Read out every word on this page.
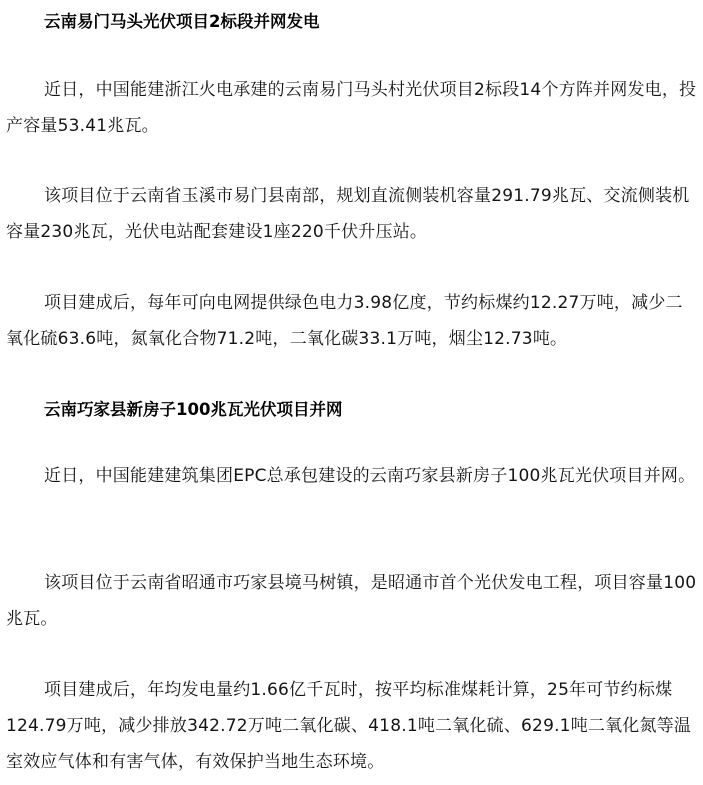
云南易门马头光伏项目2标段并网发电

近日，中国能建浙江火电承建的云南易门马头村光伏项目2标段14个方阵并网发电，投产容量53.41兆瓦。

该项目位于云南省玉溪市易门县南部，规划直流侧装机容量291.79兆瓦、交流侧装机容量230兆瓦，光伏电站配套建设1座220千伏升压站。

项目建成后，每年可向电网提供绿色电力3.98亿度，节约标煤约12.27万吨，减少二氧化硫63.6吨，氮氧化合物71.2吨，二氧化碳33.1万吨，烟尘12.73吨。

云南巧家县新房子100兆瓦光伏项目并网

近日，中国能建建筑集团EPC总承包建设的云南巧家县新房子100兆瓦光伏项目并网。

该项目位于云南省昭通市巧家县境马树镇，是昭通市首个光伏发电工程，项目容量100兆瓦。

项目建成后，年均发电量约1.66亿千瓦时，按平均标准煤耗计算，25年可节约标煤124.79万吨，减少排放342.72万吨二氧化碳、418.1吨二氧化硫、629.1吨二氧化氮等温室效应气体和有害气体，有效保护当地生态环境。
